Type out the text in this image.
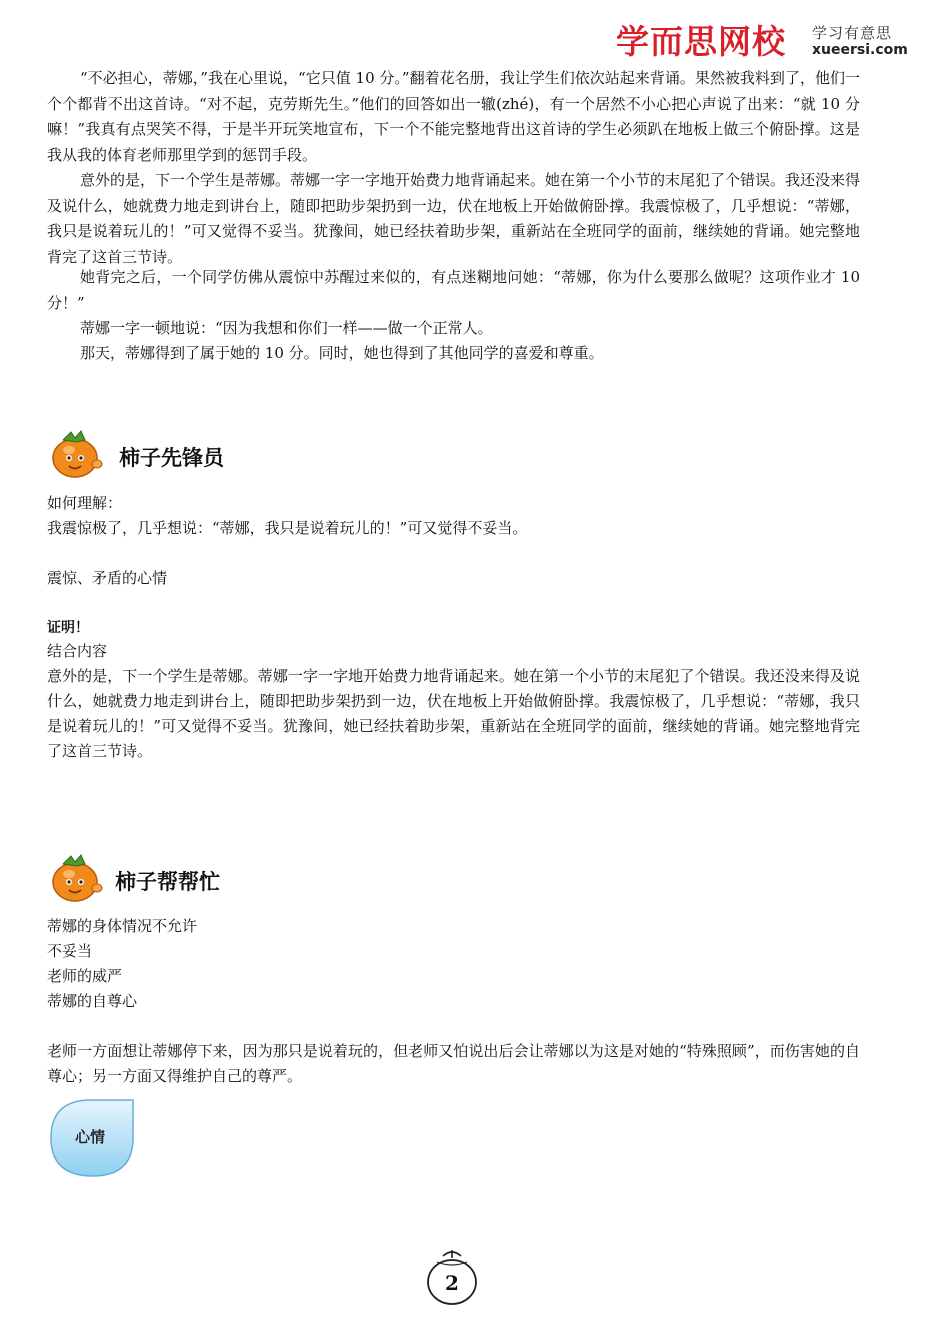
学而思网校 学习有意思
xueersi.com

“不必担心，蒂娜，”我在心里说，“它只值 10 分。”翻着花名册，我让学生们依次站起来背诵。果然被我料到了，他们一个个都背不出这首诗。“对不起，克劳斯先生。”他们的回答如出一辙(zhé)，有一个居然不小心把心声说了出来：“就 10 分嘛！”我真有点哭笑不得，于是半开玩笑地宣布，下一个不能完整地背出这首诗的学生必须趴在地板上做三个俯卧撑。这是我从我的体育老师那里学到的惩罚手段。

意外的是，下一个学生是蒂娜。蒂娜一字一字地开始费力地背诵起来。她在第一个小节的末尾犯了个错误。我还没来得及说什么，她就费力地走到讲台上，随即把助步架扔到一边，伏在地板上开始做俯卧撑。我震惊极了，几乎想说：“蒂娜，我只是说着玩儿的！”可又觉得不妥当。犹豫间，她已经扶着助步架，重新站在全班同学的面前，继续她的背诵。她完整地背完了这首三节诗。

她背完之后，一个同学仿佛从震惊中苏醒过来似的，有点迷糊地问她：“蒂娜，你为什么要那么做呢？这项作业才 10 分！”

蒂娜一字一顿地说：“因为我想和你们一样——做一个正常人。

那天，蒂娜得到了属于她的 10 分。同时，她也得到了其他同学的喜爱和尊重。

柿子先锋员

如何理解：

我震惊极了，几乎想说：“蒂娜，我只是说着玩儿的！”可又觉得不妥当。

震惊、矛盾的心情

证明！

结合内容

意外的是，下一个学生是蒂娜。蒂娜一字一字地开始费力地背诵起来。她在第一个小节的末尾犯了个错误。我还没来得及说什么，她就费力地走到讲台上，随即把助步架扔到一边，伏在地板上开始做俯卧撑。我震惊极了，几乎想说：“蒂娜，我只是说着玩儿的！”可又觉得不妥当。犹豫间，她已经扶着助步架，重新站在全班同学的面前，继续她的背诵。她完整地背完了这首三节诗。

柿子帮帮忙

蒂娜的身体情况不允许

不妥当

老师的威严

蒂娜的自尊心

老师一方面想让蒂娜停下来，因为那只是说着玩的，但老师又怕说出后会让蒂娜以为这是对她的“特殊照顾”，而伤害她的自尊心；另一方面又得维护自己的尊严。

心情
2
